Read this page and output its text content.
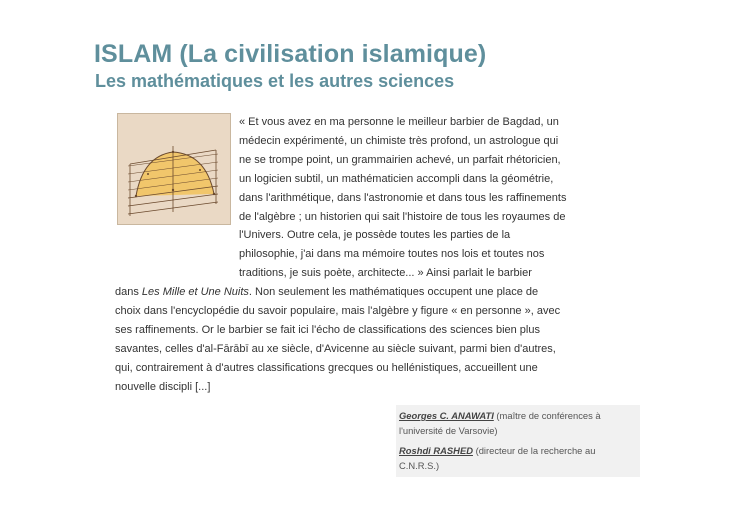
ISLAM (La civilisation islamique)
Les mathématiques et les autres sciences

« Et vous avez en ma personne le meilleur barbier de Bagdad, un
médecin expérimenté, un chimiste très profond, un astrologue qui
ne se trompe point, un grammairien achevé, un parfait rhétoricien,
un logicien subtil, un mathématicien accompli dans la géométrie,
dans l'arithmétique, dans l'astronomie et dans tous les raffinements
de l'algèbre ; un historien qui sait l'histoire de tous les royaumes de
l'Univers. Outre cela, je possède toutes les parties de la
philosophie, j'ai dans ma mémoire toutes nos lois et toutes nos
traditions, je suis poète, architecte... » Ainsi parlait le barbier
dans Les Mille et Une Nuits. Non seulement les mathématiques occupent une place de
choix dans l'encyclopédie du savoir populaire, mais l'algèbre y figure « en personne », avec
ses raffinements. Or le barbier se fait ici l'écho de classifications des sciences bien plus
savantes, celles d'al-Fārābī au xe siècle, d'Avicenne au siècle suivant, parmi bien d'autres,
qui, contrairement à d'autres classifications grecques ou hellénistiques, accueillent une
nouvelle discipli [...]

Georges C. ANAWATI (maître de conférences à l'université de Varsovie)

Roshdi RASHED (directeur de la recherche au C.N.R.S.)
